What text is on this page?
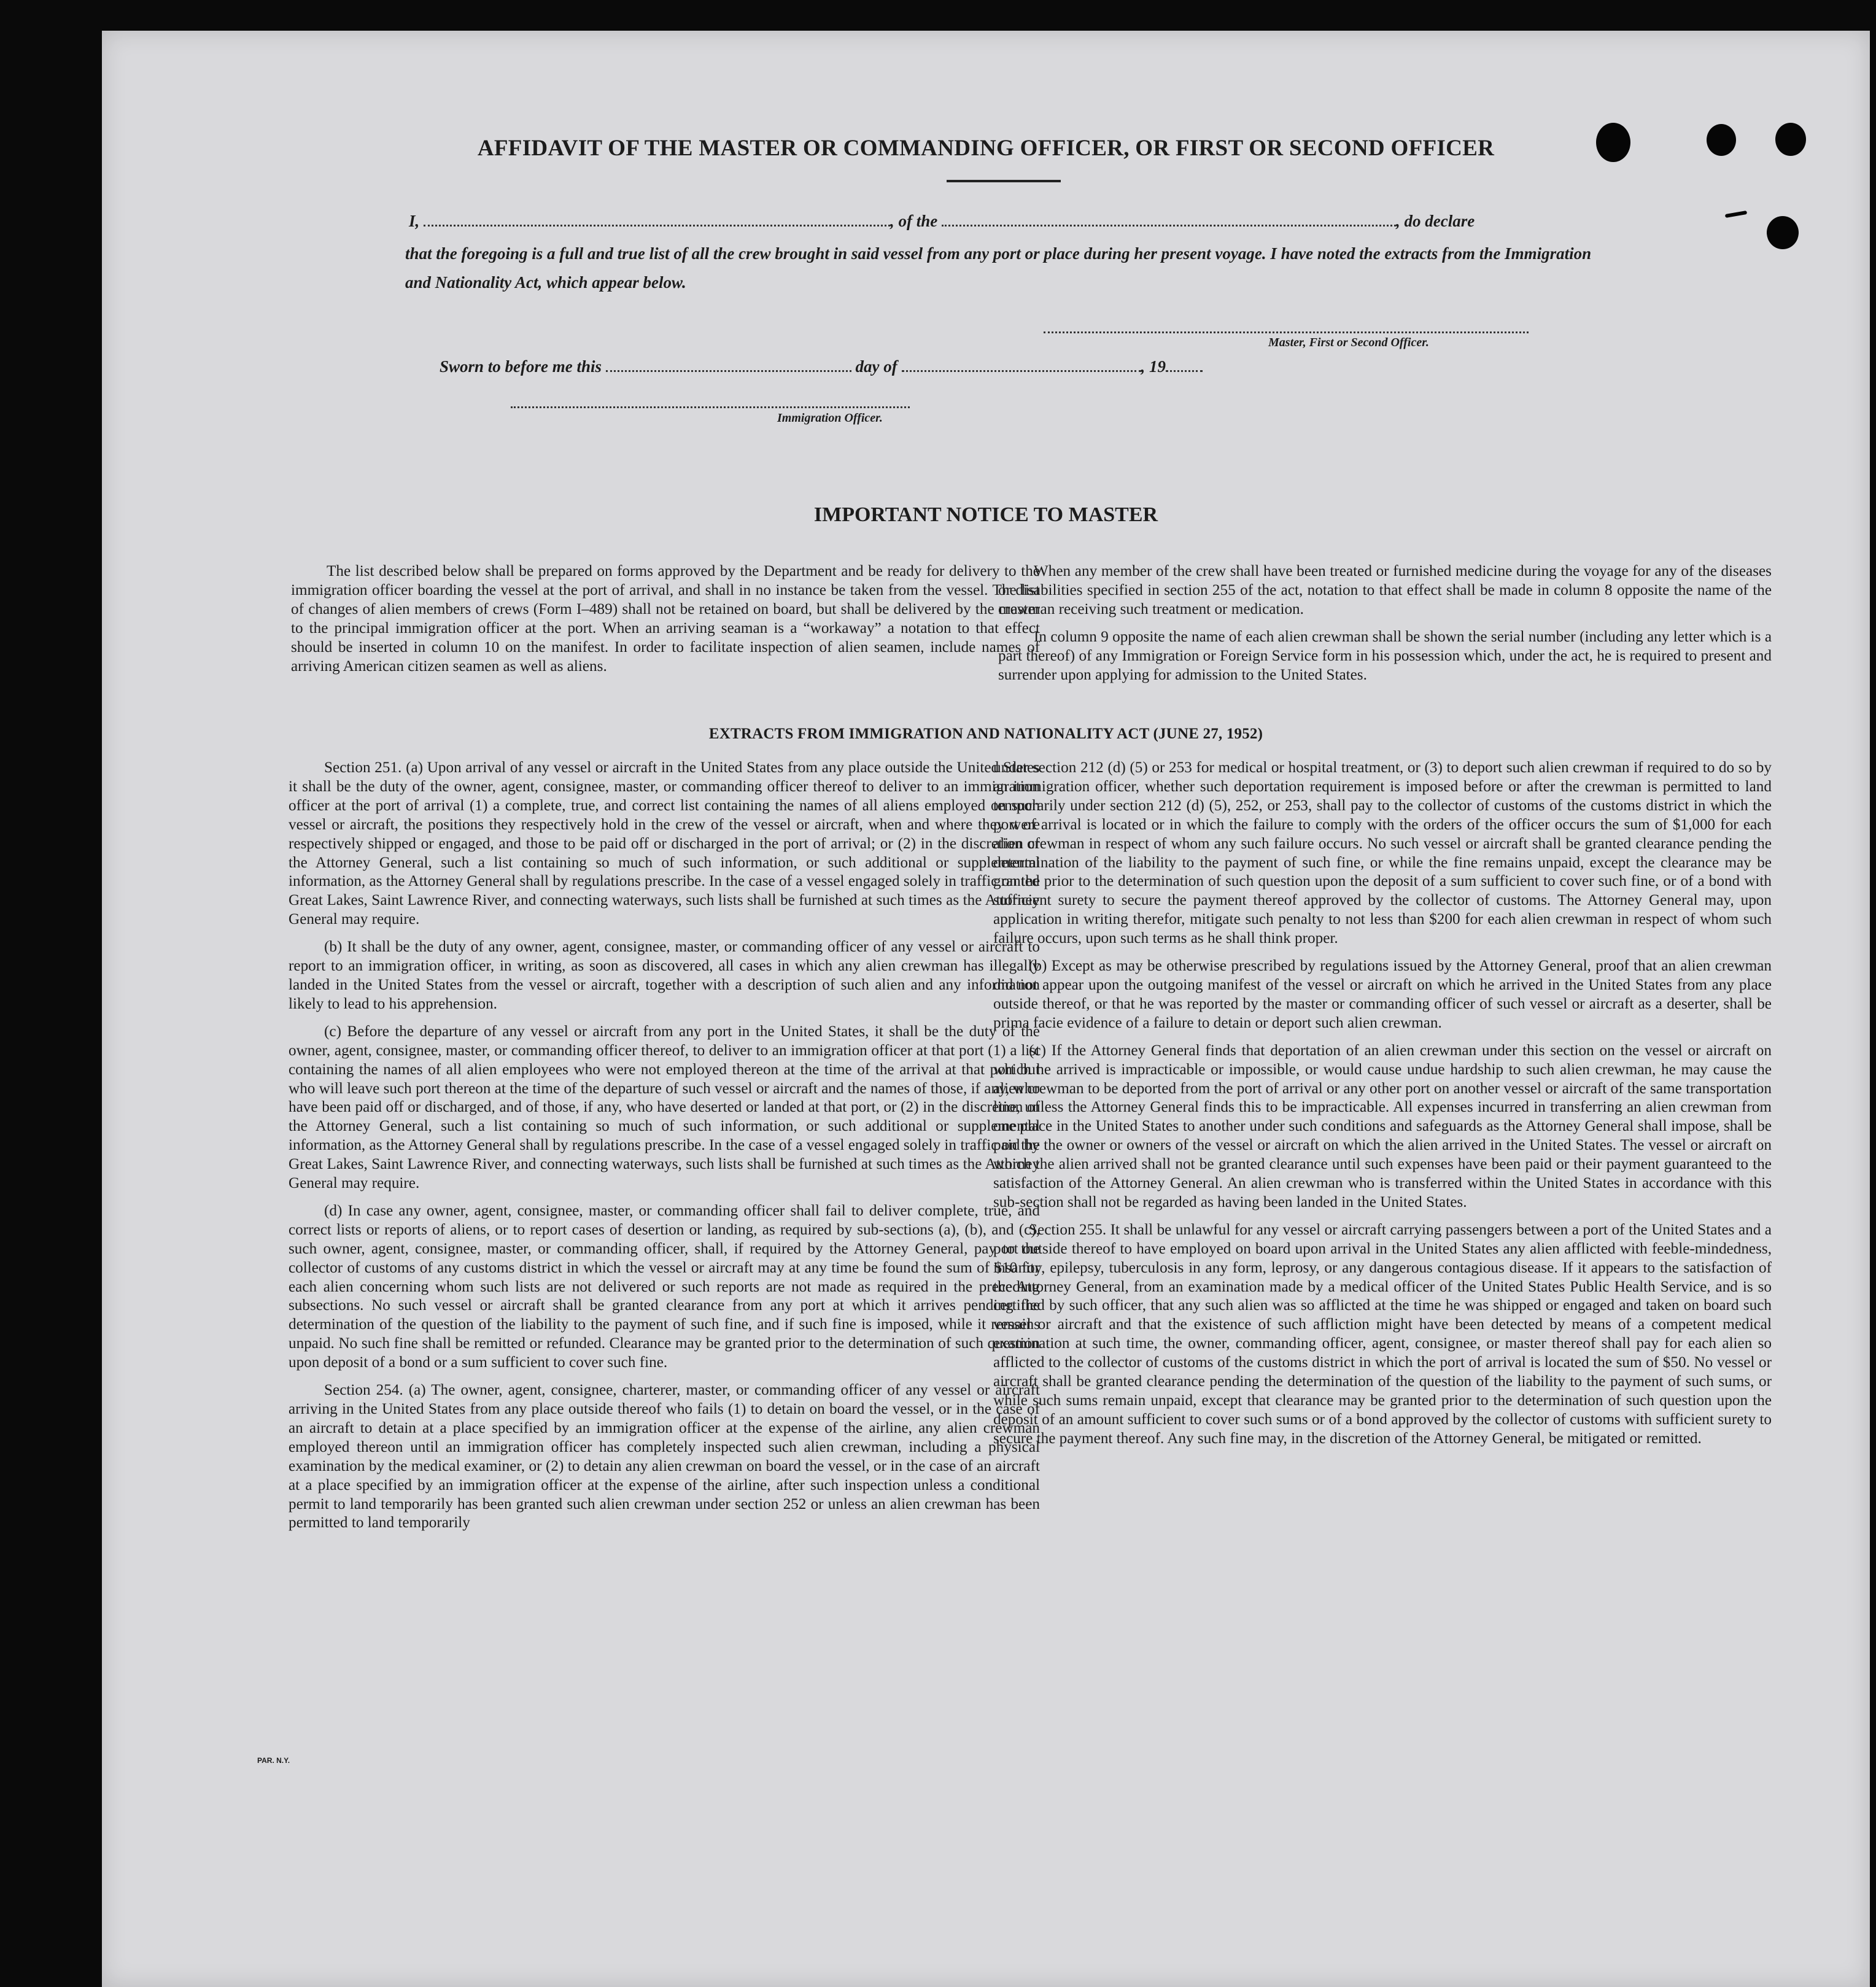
AFFIDAVIT OF THE MASTER OR COMMANDING OFFICER, OR FIRST OR SECOND OFFICER
I,	, of the	, do declare
that the foregoing is a full and true list of all the crew brought in said vessel from any port or place during her present voyage. I have noted the extracts from the Immigration and Nationality Act, which appear below.
Master, First or Second Officer.
Sworn to before me this	day of	, 19
Immigration Officer.
IMPORTANT NOTICE TO MASTER

The list described below shall be prepared on forms approved by the Department and be ready for delivery to the immigration officer boarding the vessel at the port of arrival, and shall in no instance be taken from the vessel. The list of changes of alien members of crews (Form I–489) shall not be retained on board, but shall be delivered by the master to the principal immigration officer at the port. When an arriving seaman is a “workaway” a notation to that effect should be inserted in column 10 on the manifest. In order to facilitate inspection of alien seamen, include names of arriving American citizen seamen as well as aliens.

When any member of the crew shall have been treated or furnished medicine during the voyage for any of the diseases or disabilities specified in section 255 of the act, notation to that effect shall be made in column 8 opposite the name of the crewman receiving such treatment or medication.

In column 9 opposite the name of each alien crewman shall be shown the serial number (including any letter which is a part thereof) of any Immigration or Foreign Service form in his possession which, under the act, he is required to present and surrender upon applying for admission to the United States.

EXTRACTS FROM IMMIGRATION AND NATIONALITY ACT (JUNE 27, 1952)

Section 251. (a) Upon arrival of any vessel or aircraft in the United States from any place outside the United States it shall be the duty of the owner, agent, consignee, master, or commanding officer thereof to deliver to an immigration officer at the port of arrival (1) a complete, true, and correct list containing the names of all aliens employed on such vessel or aircraft, the positions they respectively hold in the crew of the vessel or aircraft, when and where they were respectively shipped or engaged, and those to be paid off or discharged in the port of arrival; or (2) in the discretion of the Attorney General, such a list containing so much of such information, or such additional or supplemental information, as the Attorney General shall by regulations prescribe. In the case of a vessel engaged solely in traffic on the Great Lakes, Saint Lawrence River, and connecting waterways, such lists shall be furnished at such times as the Attorney General may require.

(b) It shall be the duty of any owner, agent, consignee, master, or commanding officer of any vessel or aircraft to report to an immigration officer, in writing, as soon as discovered, all cases in which any alien crewman has illegally landed in the United States from the vessel or aircraft, together with a description of such alien and any information likely to lead to his apprehension.

(c) Before the departure of any vessel or aircraft from any port in the United States, it shall be the duty of the owner, agent, consignee, master, or commanding officer thereof, to deliver to an immigration officer at that port (1) a list containing the names of all alien employees who were not employed thereon at the time of the arrival at that port but who will leave such port thereon at the time of the departure of such vessel or aircraft and the names of those, if any, who have been paid off or discharged, and of those, if any, who have deserted or landed at that port, or (2) in the discretion of the Attorney General, such a list containing so much of such information, or such additional or supplemental information, as the Attorney General shall by regulations prescribe. In the case of a vessel engaged solely in traffic on the Great Lakes, Saint Lawrence River, and connecting waterways, such lists shall be furnished at such times as the Attorney General may require.

(d) In case any owner, agent, consignee, master, or commanding officer shall fail to deliver complete, true, and correct lists or reports of aliens, or to report cases of desertion or landing, as required by sub-sections (a), (b), and (c), such owner, agent, consignee, master, or commanding officer, shall, if required by the Attorney General, pay to the collector of customs of any customs district in which the vessel or aircraft may at any time be found the sum of $10 for each alien concerning whom such lists are not delivered or such reports are not made as required in the preceding subsections. No such vessel or aircraft shall be granted clearance from any port at which it arrives pending the determination of the question of the liability to the payment of such fine, and if such fine is imposed, while it remains unpaid. No such fine shall be remitted or refunded. Clearance may be granted prior to the determination of such question upon deposit of a bond or a sum sufficient to cover such fine.

Section 254. (a) The owner, agent, consignee, charterer, master, or commanding officer of any vessel or aircraft arriving in the United States from any place outside thereof who fails (1) to detain on board the vessel, or in the case of an aircraft to detain at a place specified by an immigration officer at the expense of the airline, any alien crewman employed thereon until an immigration officer has completely inspected such alien crewman, including a physical examination by the medical examiner, or (2) to detain any alien crewman on board the vessel, or in the case of an aircraft at a place specified by an immigration officer at the expense of the airline, after such inspection unless a conditional permit to land temporarily has been granted such alien crewman under section 252 or unless an alien crewman has been permitted to land temporarily

under section 212 (d) (5) or 253 for medical or hospital treatment, or (3) to deport such alien crewman if required to do so by an immigration officer, whether such deportation requirement is imposed before or after the crewman is permitted to land temporarily under section 212 (d) (5), 252, or 253, shall pay to the collector of customs of the customs district in which the port of arrival is located or in which the failure to comply with the orders of the officer occurs the sum of $1,000 for each alien crewman in respect of whom any such failure occurs. No such vessel or aircraft shall be granted clearance pending the determination of the liability to the payment of such fine, or while the fine remains unpaid, except the clearance may be granted prior to the determination of such question upon the deposit of a sum sufficient to cover such fine, or of a bond with sufficient surety to secure the payment thereof approved by the collector of customs. The Attorney General may, upon application in writing therefor, mitigate such penalty to not less than $200 for each alien crewman in respect of whom such failure occurs, upon such terms as he shall think proper.

(b) Except as may be otherwise prescribed by regulations issued by the Attorney General, proof that an alien crewman did not appear upon the outgoing manifest of the vessel or aircraft on which he arrived in the United States from any place outside thereof, or that he was reported by the master or commanding officer of such vessel or aircraft as a deserter, shall be prima facie evidence of a failure to detain or deport such alien crewman.

(c) If the Attorney General finds that deportation of an alien crewman under this section on the vessel or aircraft on which he arrived is impracticable or impossible, or would cause undue hardship to such alien crewman, he may cause the alien crewman to be deported from the port of arrival or any other port on another vessel or aircraft of the same transportation line, unless the Attorney General finds this to be impracticable. All expenses incurred in transferring an alien crewman from one place in the United States to another under such conditions and safeguards as the Attorney General shall impose, shall be paid by the owner or owners of the vessel or aircraft on which the alien arrived in the United States. The vessel or aircraft on which the alien arrived shall not be granted clearance until such expenses have been paid or their payment guaranteed to the satisfaction of the Attorney General. An alien crewman who is transferred within the United States in accordance with this sub-section shall not be regarded as having been landed in the United States.

Section 255. It shall be unlawful for any vessel or aircraft carrying passengers between a port of the United States and a port outside thereof to have employed on board upon arrival in the United States any alien afflicted with feeble-mindedness, insanity, epilepsy, tuberculosis in any form, leprosy, or any dangerous contagious disease. If it appears to the satisfaction of the Attorney General, from an examination made by a medical officer of the United States Public Health Service, and is so certified by such officer, that any such alien was so afflicted at the time he was shipped or engaged and taken on board such vessel or aircraft and that the existence of such affliction might have been detected by means of a competent medical examination at such time, the owner, commanding officer, agent, consignee, or master thereof shall pay for each alien so afflicted to the collector of customs of the customs district in which the port of arrival is located the sum of $50. No vessel or aircraft shall be granted clearance pending the determination of the question of the liability to the payment of such sums, or while such sums remain unpaid, except that clearance may be granted prior to the determination of such question upon the deposit of an amount sufficient to cover such sums or of a bond approved by the collector of customs with sufficient surety to secure the payment thereof. Any such fine may, in the discretion of the Attorney General, be mitigated or remitted.

PAR. N.Y.
